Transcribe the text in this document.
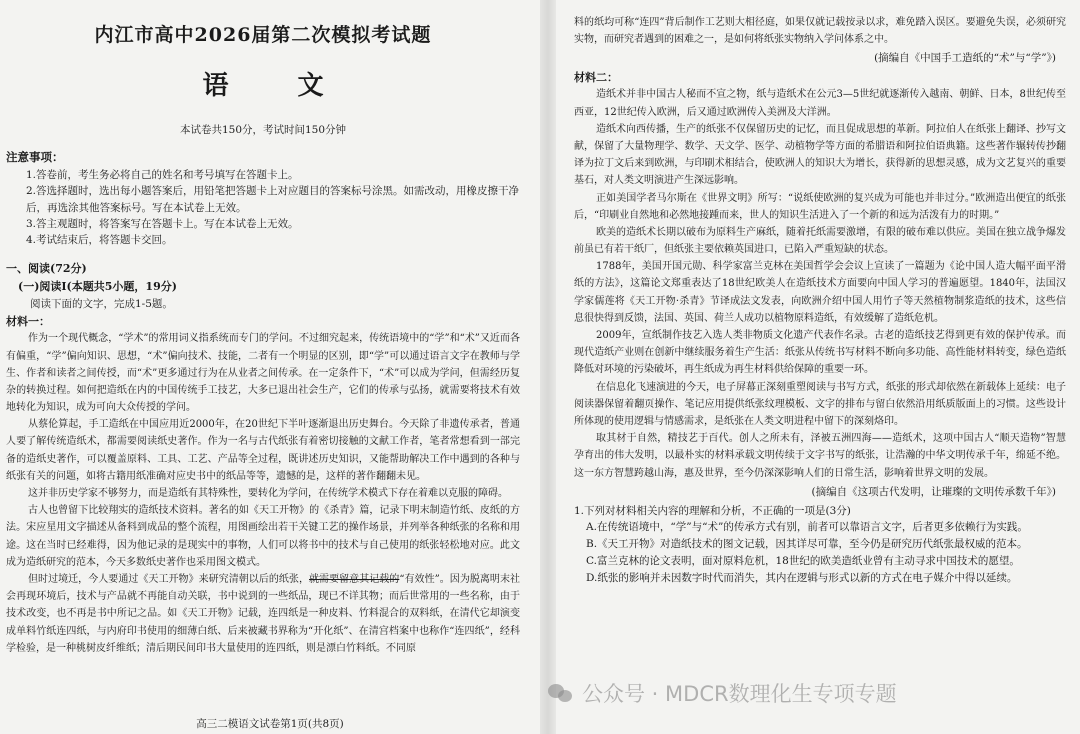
内江市高中2026届第二次模拟考试题
语 文
本试卷共150分，考试时间150分钟
注意事项：

1.答卷前，考生务必将自己的姓名和考号填写在答题卡上。

2.答选择题时，选出每小题答案后，用铅笔把答题卡上对应题目的答案标号涂黑。如需改动，用橡皮擦干净后，再选涂其他答案标号。写在本试卷上无效。

3.答主观题时，将答案写在答题卡上。写在本试卷上无效。

4.考试结束后，将答题卡交回。

一、阅读(72分)
(一)阅读Ⅰ(本题共5小题，19分)
阅读下面的文字，完成1-5题。
材料一：

作为一个现代概念，“学术”的常用词义指系统而专门的学问。不过细究起来，传统语境中的“学”和“术”又近而各有偏重，“学”偏向知识、思想，“术”偏向技术、技能，二者有一个明显的区别，即“学”可以通过语言文字在教师与学生、作者和读者之间传授，而“术”更多通过行为在从业者之间传承。在一定条件下，“术”可以成为学问，但需经历复杂的转换过程。如何把造纸在内的中国传统手工技艺，大多已退出社会生产，它们的传承与弘扬，就需要将技术有效地转化为知识，成为可向大众传授的学问。

从蔡伦算起，手工造纸在中国应用近2000年，在20世纪下半叶逐渐退出历史舞台。今天除了非遗传承者，普通人要了解传统造纸术，都需要阅读纸史著作。作为一名与古代纸张有着密切接触的文献工作者，笔者常想看到一部完备的造纸史著作，可以覆盖原料、工具、工艺、产品等全过程，既讲述历史知识，又能帮助解决工作中遇到的各种与纸张有关的问题，如将古籍用纸准确对应史书中的纸品等等，遗憾的是，这样的著作翻翻未见。

这并非历史学家不够努力，而是造纸有其特殊性，要转化为学问，在传统学术模式下存在着难以克服的障碍。

古人也曾留下比较翔实的造纸技术资料。著名的如《天工开物》的《杀青》篇，记录下明末制造竹纸、皮纸的方法。宋应星用文字描述从备料到成品的整个流程，用图画绘出若干关键工艺的操作场景，并列举各种纸张的名称和用途。这在当时已经难得，因为他记录的是现实中的事物，人们可以将书中的技术与自己使用的纸张轻松地对应。此文成为造纸研究的范本，今天多数纸史著作也采用图文模式。

但时过境迁，今人要通过《天工开物》来研究清朝以后的纸张，就需要留意其记载的“有效性”。因为脱离明末社会再现环境后，技术与产品就不再能自动关联，书中说到的一些纸品，现已不详其物；而后世常用的一些名称，由于技术改变，也不再是书中所记之品。如《天工开物》记载，连四纸是一种皮料、竹料混合的双料纸，在清代它却演变成单料竹纸连四纸，与内府印书使用的细薄白纸、后来被藏书界称为“开化纸”、在清宫档案中也称作“连四纸”，经科学检验，是一种桃树皮纤维纸；清后期民间印书大量使用的连四纸，则是漂白竹料纸。不同原

高三二模语文试卷第1页(共8页)

料的纸均可称“连四”背后制作工艺则大相径庭，如果仅就记载按录以求，难免踏入误区。要避免失误，必须研究实物，而研究者遇到的困难之一，是如何将纸张实物纳入学问体系之中。

(摘编自《中国手工造纸的“术”与“学”》)
材料二：

造纸术并非中国古人秘而不宣之物，纸与造纸术在公元3—5世纪就逐渐传入越南、朝鲜、日本，8世纪传至西亚，12世纪传入欧洲，后又通过欧洲传入美洲及大洋洲。

造纸术向西传播，生产的纸张不仅保留历史的记忆，而且促成思想的革新。阿拉伯人在纸张上翻译、抄写文献，保留了大量物理学、数学、天文学、医学、动植物学等方面的希腊语和阿拉伯语典籍。这些著作辗转传抄翻译为拉丁文后来到欧洲，与印刷术相结合，使欧洲人的知识大为增长，获得新的思想灵感，成为文艺复兴的重要基石，对人类文明演进产生深远影响。

正如美国学者马尔斯在《世界文明》所写：“说纸使欧洲的复兴成为可能也并非过分。”欧洲造出便宜的纸张后，“印刷业自然地和必然地接踵而来，世人的知识生活进入了一个新的和远为活泼有力的时期。”

欧美的造纸术长期以破布为原料生产麻纸，随着托纸需要激增，有限的破布难以供应。美国在独立战争爆发前虽已有若干纸厂，但纸张主要依赖英国进口，已陷入严重短缺的状态。

1788年，美国开国元勋、科学家富兰克林在美国哲学会会议上宣读了一篇题为《论中国人造大幅平面平滑纸的方法》，这篇论文郑重表达了18世纪欧美人在造纸技术方面要向中国人学习的普遍愿望。1840年，法国汉学家儒莲将《天工开物·杀青》节译成法文发表，向欧洲介绍中国人用竹子等天然植物制浆造纸的技术，这些信息很快得到反馈，法国、英国、荷兰人成功以植物原料造纸，有效缓解了造纸危机。

2009年，宣纸制作技艺入选人类非物质文化遗产代表作名录。古老的造纸技艺得到更有效的保护传承。而现代造纸产业则在创新中继续服务着生产生活：纸张从传统书写材料不断向多功能、高性能材料转变，绿色造纸降低对环境的污染破坏，再生纸成为再生材料供给保障的重要一环。

在信息化飞速演进的今天，电子屏幕正深刻重塑阅读与书写方式，纸张的形式却依然在新载体上延续：电子阅读器保留着翻页操作、笔记应用提供纸张纹理模板、文字的排布与留白依然沿用纸质版面上的习惯。这些设计所体现的使用逻辑与情感需求，是纸张在人类文明进程中留下的深刻烙印。

取其材于自然，精技艺于百代。创人之所未有，泽被五洲四海——造纸术，这项中国古人“顺天造物”智慧孕育出的伟大发明，以最朴实的材料承载文明传续于文字书写的纸张，让浩瀚的中华文明传承千年，绵延不绝。这一东方智慧跨越山海，惠及世界，至今仍深深影响人们的日常生活，影响着世界文明的发展。

(摘编自《这项古代发明，让璀璨的文明传承数千年》)

1.下列对材料相关内容的理解和分析，不正确的一项是(3分)

A.在传统语境中，“学”与“术”的传承方式有别，前者可以靠语言文字，后者更多依赖行为实践。

B.《天工开物》对造纸技术的图文记载，因其详尽可靠，至今仍是研究历代纸张最权威的范本。

C.富兰克林的论文表明，面对原料危机，18世纪的欧美造纸业曾有主动寻求中国技术的愿望。

D.纸张的影响并未因数字时代而消失，其内在逻辑与形式以新的方式在电子媒介中得以延续。

公众号 · MDCR数理化生专项专题
